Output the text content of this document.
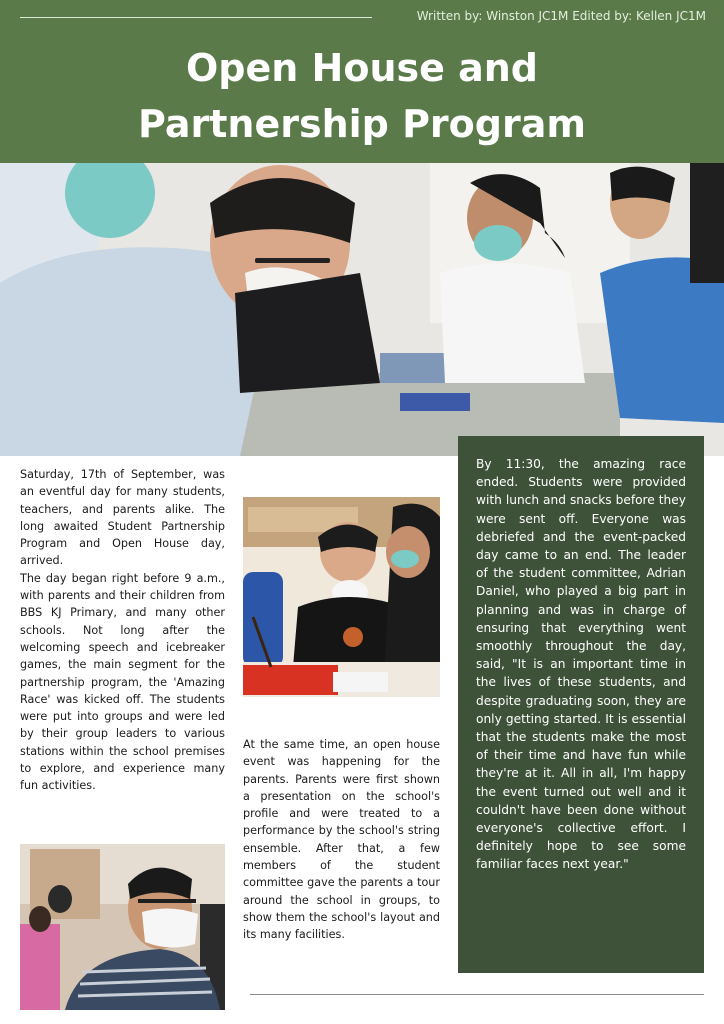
Written by: Winston JC1M Edited by: Kellen JC1M
Open House and
Partnership Program

Saturday, 17th of September, was an eventful day for many students, teachers, and parents alike. The long awaited Student Partnership Program and Open House day, arrived.

The day began right before 9 a.m., with parents and their children from BBS KJ Primary, and many other schools. Not long after the welcoming speech and icebreaker games, the main segment for the partnership program, the 'Amazing Race' was kicked off. The students were put into groups and were led by their group leaders to various stations within the school premises to explore, and experience many fun activities.

At the same time, an open house event was happening for the parents. Parents were first shown a presentation on the school's profile and were treated to a performance by the school's string ensemble. After that, a few members of the student committee gave the parents a tour around the school in groups, to show them the school's layout and its many facilities.

By 11:30, the amazing race ended. Students were provided with lunch and snacks before they were sent off. Everyone was debriefed and the event-packed day came to an end. The leader of the student committee, Adrian Daniel, who played a big part in planning and was in charge of ensuring that everything went smoothly throughout the day, said, "It is an important time in the lives of these students, and despite graduating soon, they are only getting started. It is essential that the students make the most of their time and have fun while they're at it. All in all, I'm happy the event turned out well and it couldn't have been done without everyone's collective effort. I definitely hope to see some familiar faces next year."
